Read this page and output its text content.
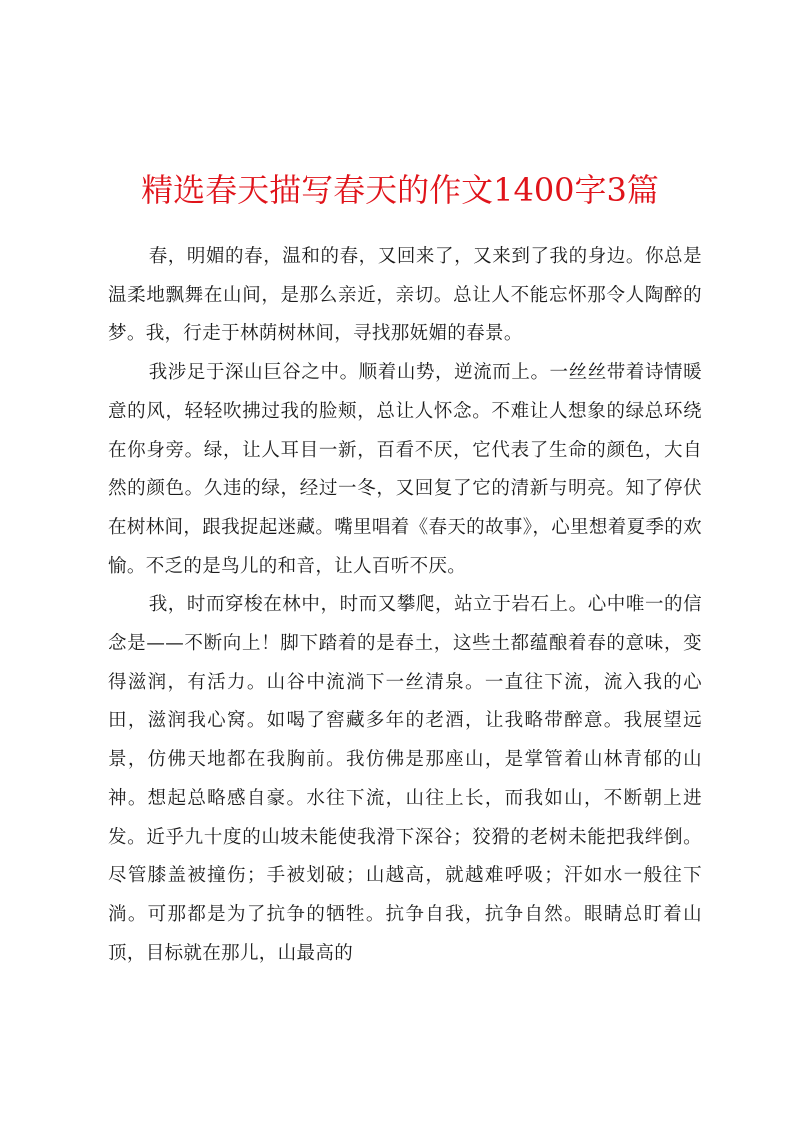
精选春天描写春天的作文1400字3篇

春，明媚的春，温和的春，又回来了，又来到了我的身边。你总是温柔地飘舞在山间，是那么亲近，亲切。总让人不能忘怀那令人陶醉的梦。我，行走于林荫树林间，寻找那妩媚的春景。

我涉足于深山巨谷之中。顺着山势，逆流而上。一丝丝带着诗情暖意的风，轻轻吹拂过我的脸颊，总让人怀念。不难让人想象的绿总环绕在你身旁。绿，让人耳目一新，百看不厌，它代表了生命的颜色，大自然的颜色。久违的绿，经过一冬，又回复了它的清新与明亮。知了停伏在树林间，跟我捉起迷藏。嘴里唱着《春天的故事》，心里想着夏季的欢愉。不乏的是鸟儿的和音，让人百听不厌。

我，时而穿梭在林中，时而又攀爬，站立于岩石上。心中唯一的信念是——不断向上！脚下踏着的是春土，这些土都蕴酿着春的意味，变得滋润，有活力。山谷中流淌下一丝清泉。一直往下流，流入我的心田，滋润我心窝。如喝了窖藏多年的老酒，让我略带醉意。我展望远景，仿佛天地都在我胸前。我仿佛是那座山，是掌管着山林青郁的山神。想起总略感自豪。水往下流，山往上长，而我如山，不断朝上进发。近乎九十度的山坡未能使我滑下深谷；狡猾的老树未能把我绊倒。尽管膝盖被撞伤；手被划破；山越高，就越难呼吸；汗如水一般往下淌。可那都是为了抗争的牺牲。抗争自我，抗争自然。眼睛总盯着山顶，目标就在那儿，山最高的
